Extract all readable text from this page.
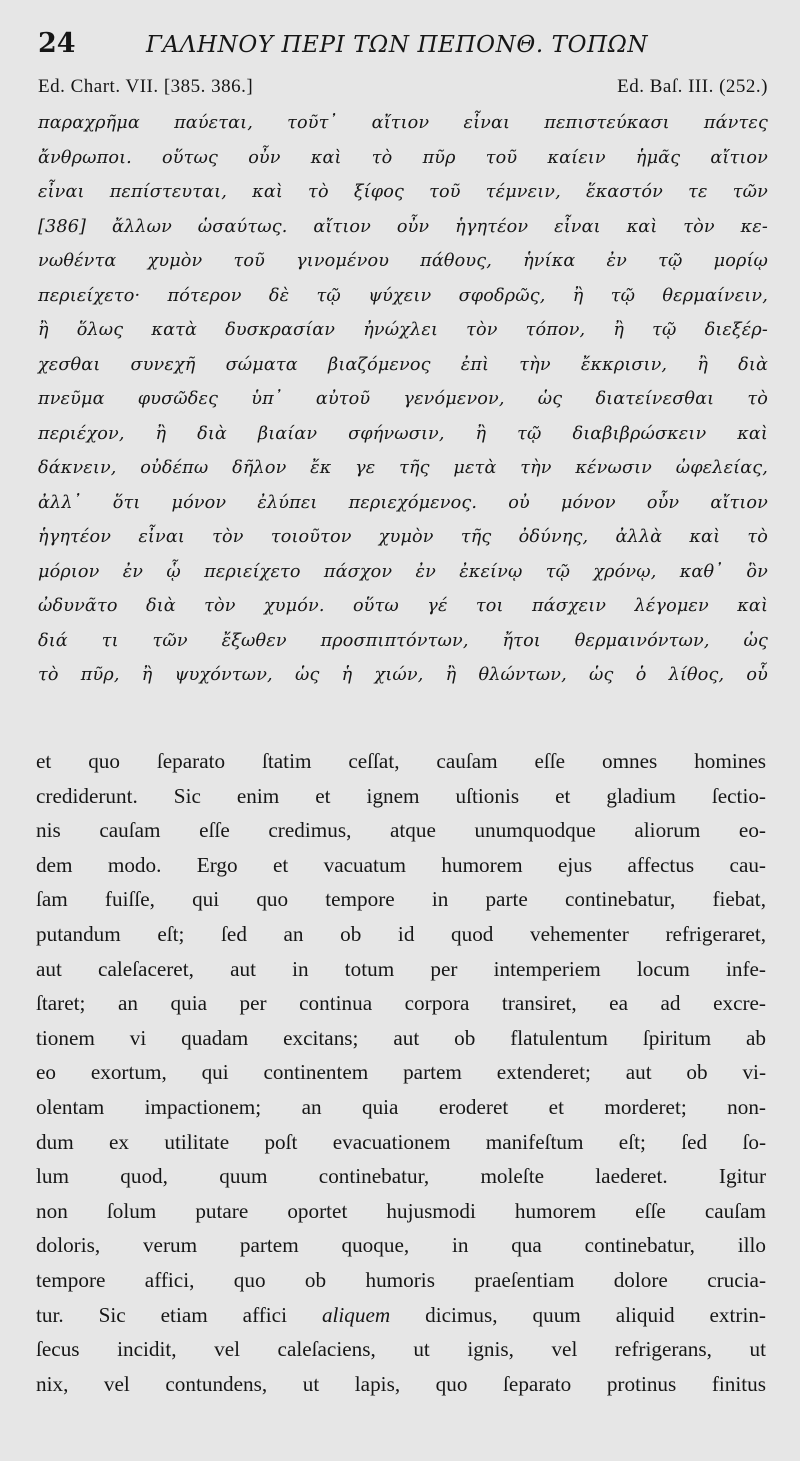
24	ΓΑΛΗΝΟΥ ΠΕΡΙ ΤΩΝ ΠΕΠΟΝΘ. ΤΟΠΩΝ
Ed. Chart. VII. [385. 386.]	Ed. Baſ. III. (252.)
παραχρῆμα παύεται, τοῦτ᾽ αἴτιον εἶναι πεπιστεύκασι πάντες
ἄνθρωποι. οὕτως οὖν καὶ τὸ πῦρ τοῦ καίειν ἡμᾶς αἴτιον
εἶναι πεπίστευται, καὶ τὸ ξίφος τοῦ τέμνειν, ἕκαστόν τε τῶν
[386] ἄλλων ὡσαύτως. αἴτιον οὖν ἡγητέον εἶναι καὶ τὸν κε-
νωθέντα χυμὸν τοῦ γινομένου πάθους, ἡνίκα ἐν τῷ μορίῳ
περιείχετο· πότερον δὲ τῷ ψύχειν σφοδρῶς, ἢ τῷ θερμαίνειν,
ἢ ὅλως κατὰ δυσκρασίαν ἠνώχλει τὸν τόπον, ἢ τῷ διεξέρ-
χεσθαι συνεχῆ σώματα βιαζόμενος ἐπὶ τὴν ἔκκρισιν, ἢ διὰ
πνεῦμα φυσῶδες ὑπ᾽ αὐτοῦ γενόμενον, ὡς διατείνεσθαι τὸ
περιέχον, ἢ διὰ βιαίαν σφήνωσιν, ἢ τῷ διαβιβρώσκειν καὶ
δάκνειν, οὐδέπω δῆλον ἔκ γε τῆς μετὰ τὴν κένωσιν ὠφελείας,
ἀλλ᾽ ὅτι μόνον ἐλύπει περιεχόμενος. οὐ μόνον οὖν αἴτιον
ἡγητέον εἶναι τὸν τοιοῦτον χυμὸν τῆς ὀδύνης, ἀλλὰ καὶ τὸ
μόριον ἐν ᾧ περιείχετο πάσχον ἐν ἐκείνῳ τῷ χρόνῳ, καθ᾽ ὃν
ὠδυνᾶτο διὰ τὸν χυμόν. οὕτω γέ τοι πάσχειν λέγομεν καὶ
διά τι τῶν ἔξωθεν προσπιπτόντων, ἤτοι θερμαινόντων, ὡς
τὸ πῦρ, ἢ ψυχόντων, ὡς ἡ χιών, ἢ θλώντων, ὡς ὁ λίθος, οὗ
et quo ſeparato ſtatim ceſſat, cauſam eſſe omnes homines
crediderunt. Sic enim et ignem uſtionis et gladium ſectio-
nis cauſam eſſe credimus, atque unumquodque aliorum eo-
dem modo. Ergo et vacuatum humorem ejus affectus cau-
ſam fuiſſe, qui quo tempore in parte continebatur, fiebat,
putandum eſt; ſed an ob id quod vehementer refrigeraret,
aut caleſaceret, aut in totum per intemperiem locum infe-
ſtaret; an quia per continua corpora transiret, ea ad excre-
tionem vi quadam excitans; aut ob flatulentum ſpiritum ab
eo exortum, qui continentem partem extenderet; aut ob vi-
olentam impactionem; an quia eroderet et morderet; non-
dum ex utilitate poſt evacuationem manifeſtum eſt; ſed ſo-
lum quod, quum continebatur, moleſte laederet. Igitur
non ſolum putare oportet hujusmodi humorem eſſe cauſam
doloris, verum partem quoque, in qua continebatur, illo
tempore affici, quo ob humoris praeſentiam dolore crucia-
tur. Sic etiam affici aliquem dicimus, quum aliquid extrin-
ſecus incidit, vel caleſaciens, ut ignis, vel refrigerans, ut
nix, vel contundens, ut lapis, quo ſeparato protinus finitus
